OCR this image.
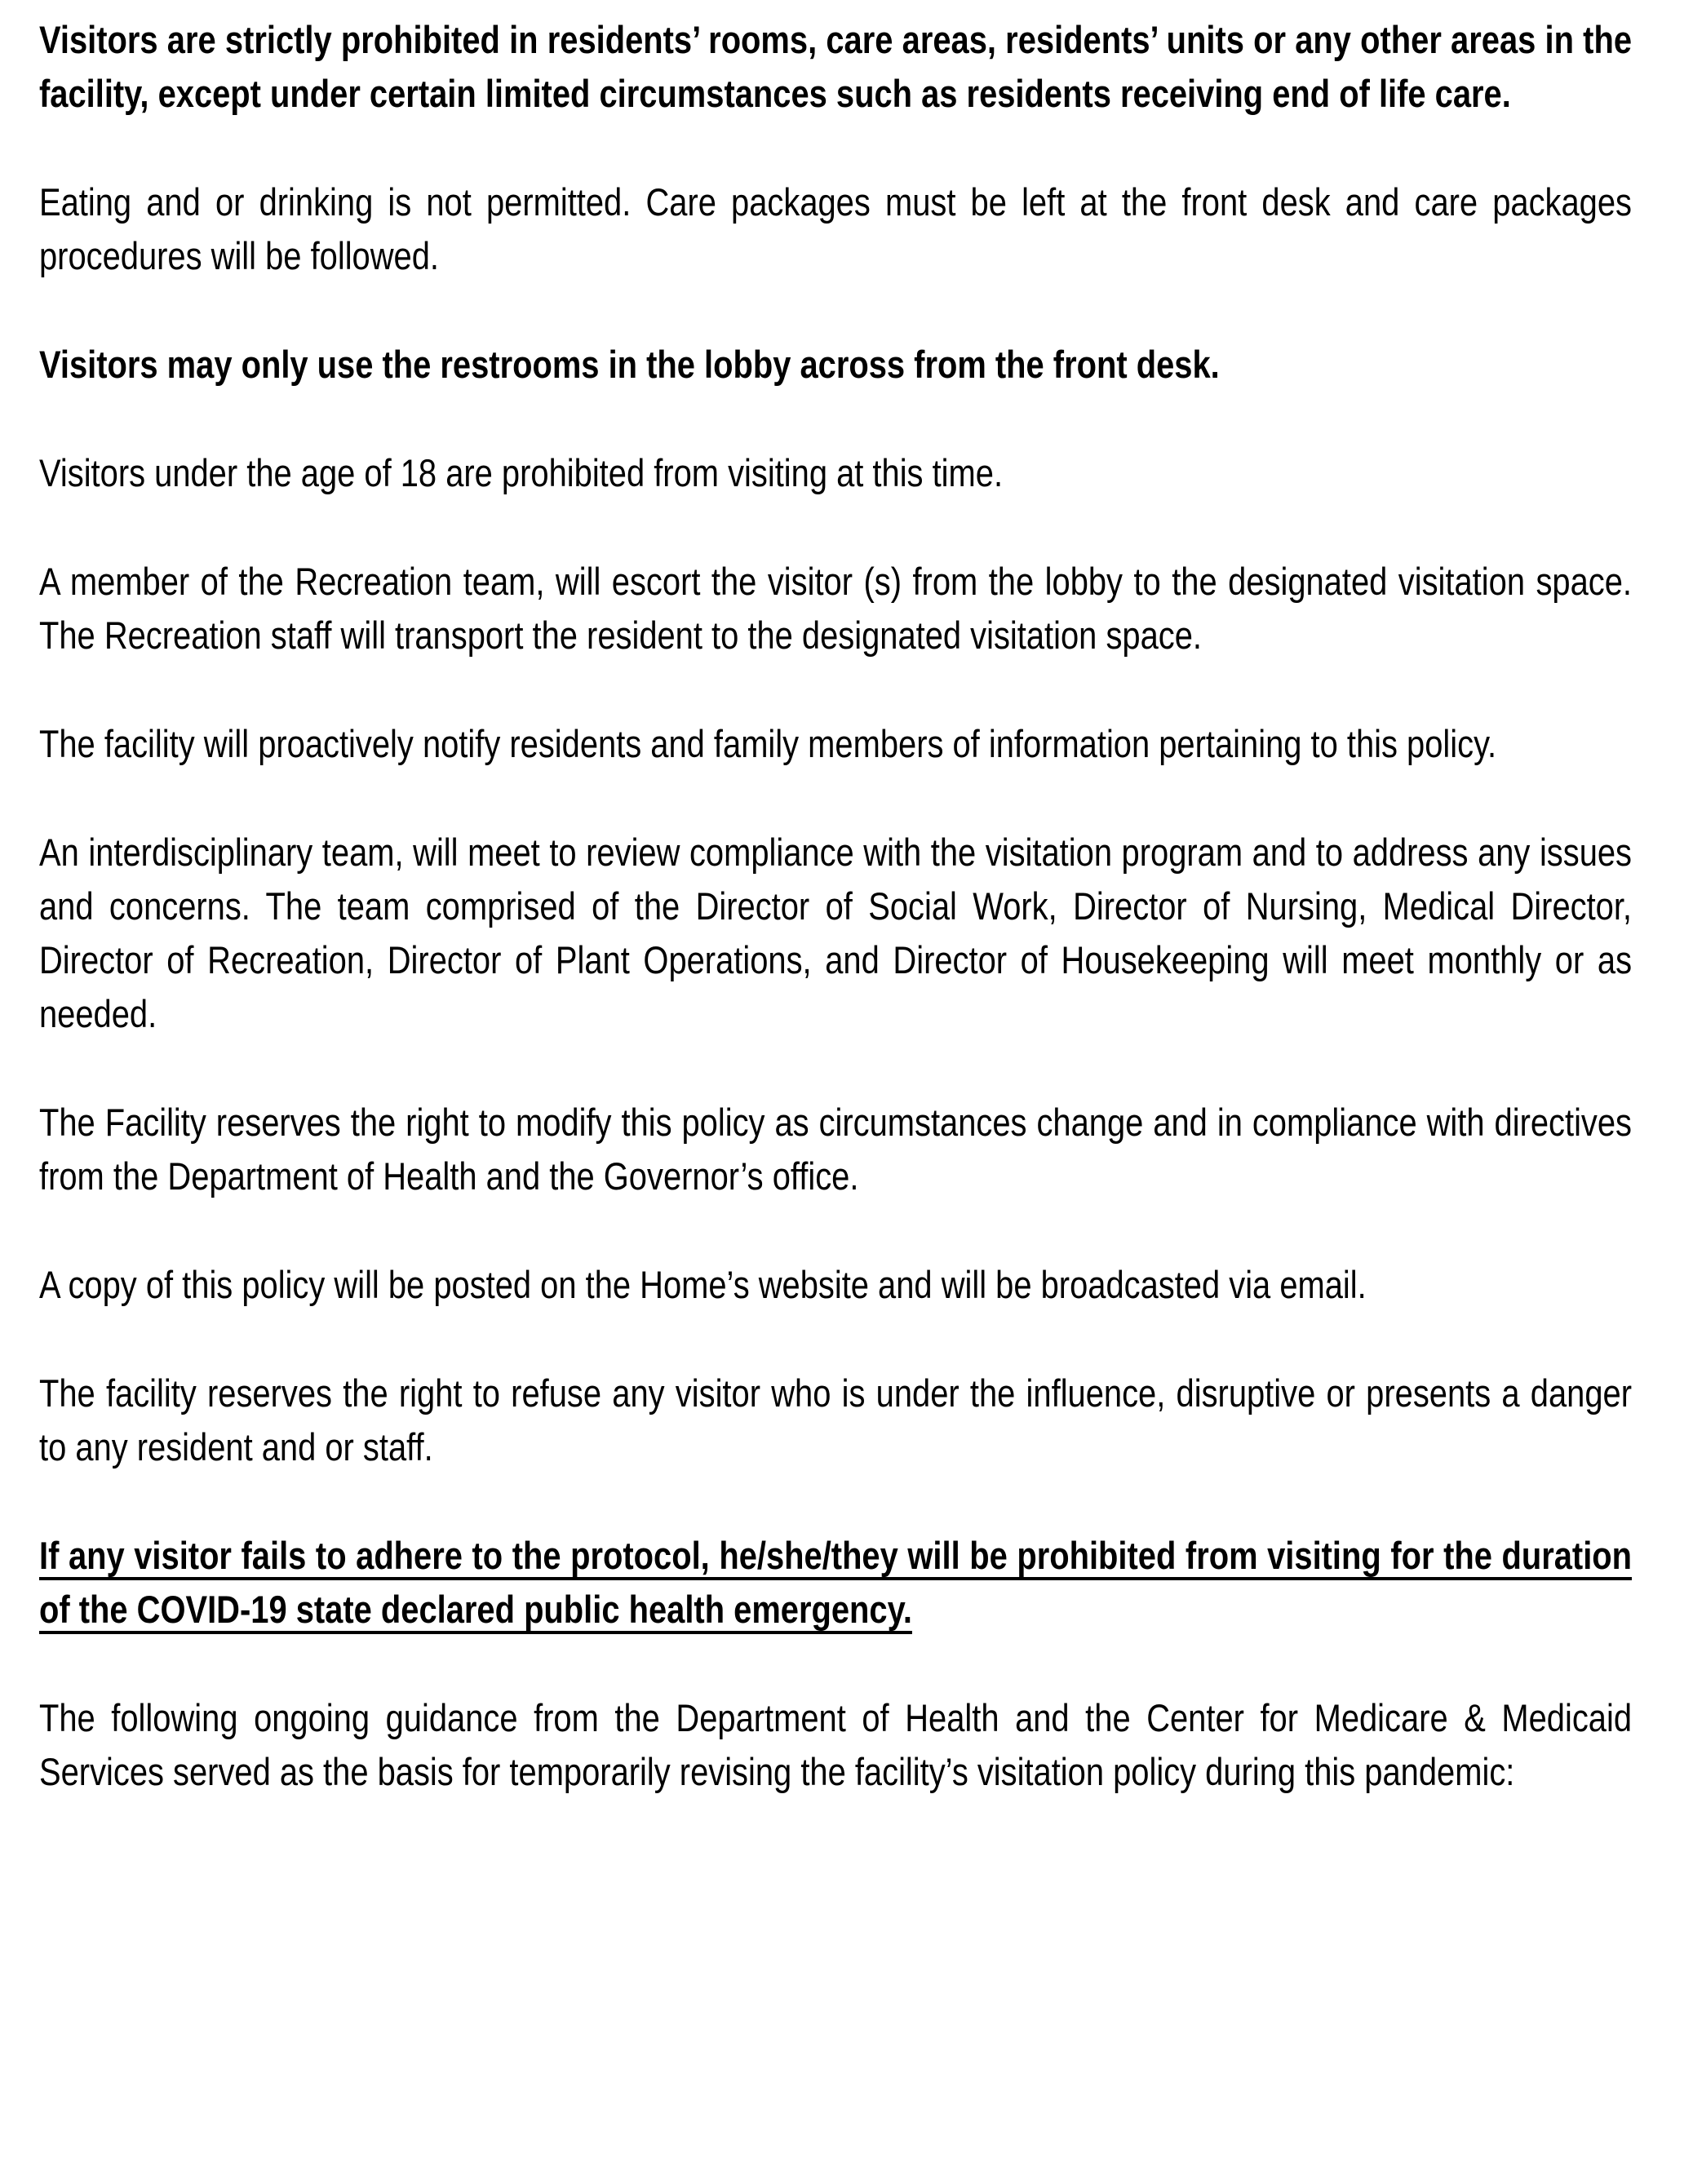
Visitors are strictly prohibited in residents’ rooms, care areas, residents’ units or any other areas in the facility, except under certain limited circumstances such as residents receiving end of life care.

Eating and or drinking is not permitted. Care packages must be left at the front desk and care packages procedures will be followed.

Visitors may only use the restrooms in the lobby across from the front desk.

Visitors under the age of 18 are prohibited from visiting at this time.

A member of the Recreation team, will escort the visitor (s) from the lobby to the designated visitation space. The Recreation staff will transport the resident to the designated visitation space.

The facility will proactively notify residents and family members of information pertaining to this policy.

An interdisciplinary team, will meet to review compliance with the visitation program and to address any issues and concerns. The team comprised of the Director of Social Work, Director of Nursing, Medical Director, Director of Recreation, Director of Plant Operations, and Director of Housekeeping will meet monthly or as needed.

The Facility reserves the right to modify this policy as circumstances change and in compliance with directives from the Department of Health and the Governor’s office.

A copy of this policy will be posted on the Home’s website and will be broadcasted via email.

The facility reserves the right to refuse any visitor who is under the influence, disruptive or presents a danger to any resident and or staff.

If any visitor fails to adhere to the protocol, he/she/they will be prohibited from visiting for the duration of the COVID-19 state declared public health emergency.

The following ongoing guidance from the Department of Health and the Center for Medicare & Medicaid Services served as the basis for temporarily revising the facility’s visitation policy during this pandemic:
